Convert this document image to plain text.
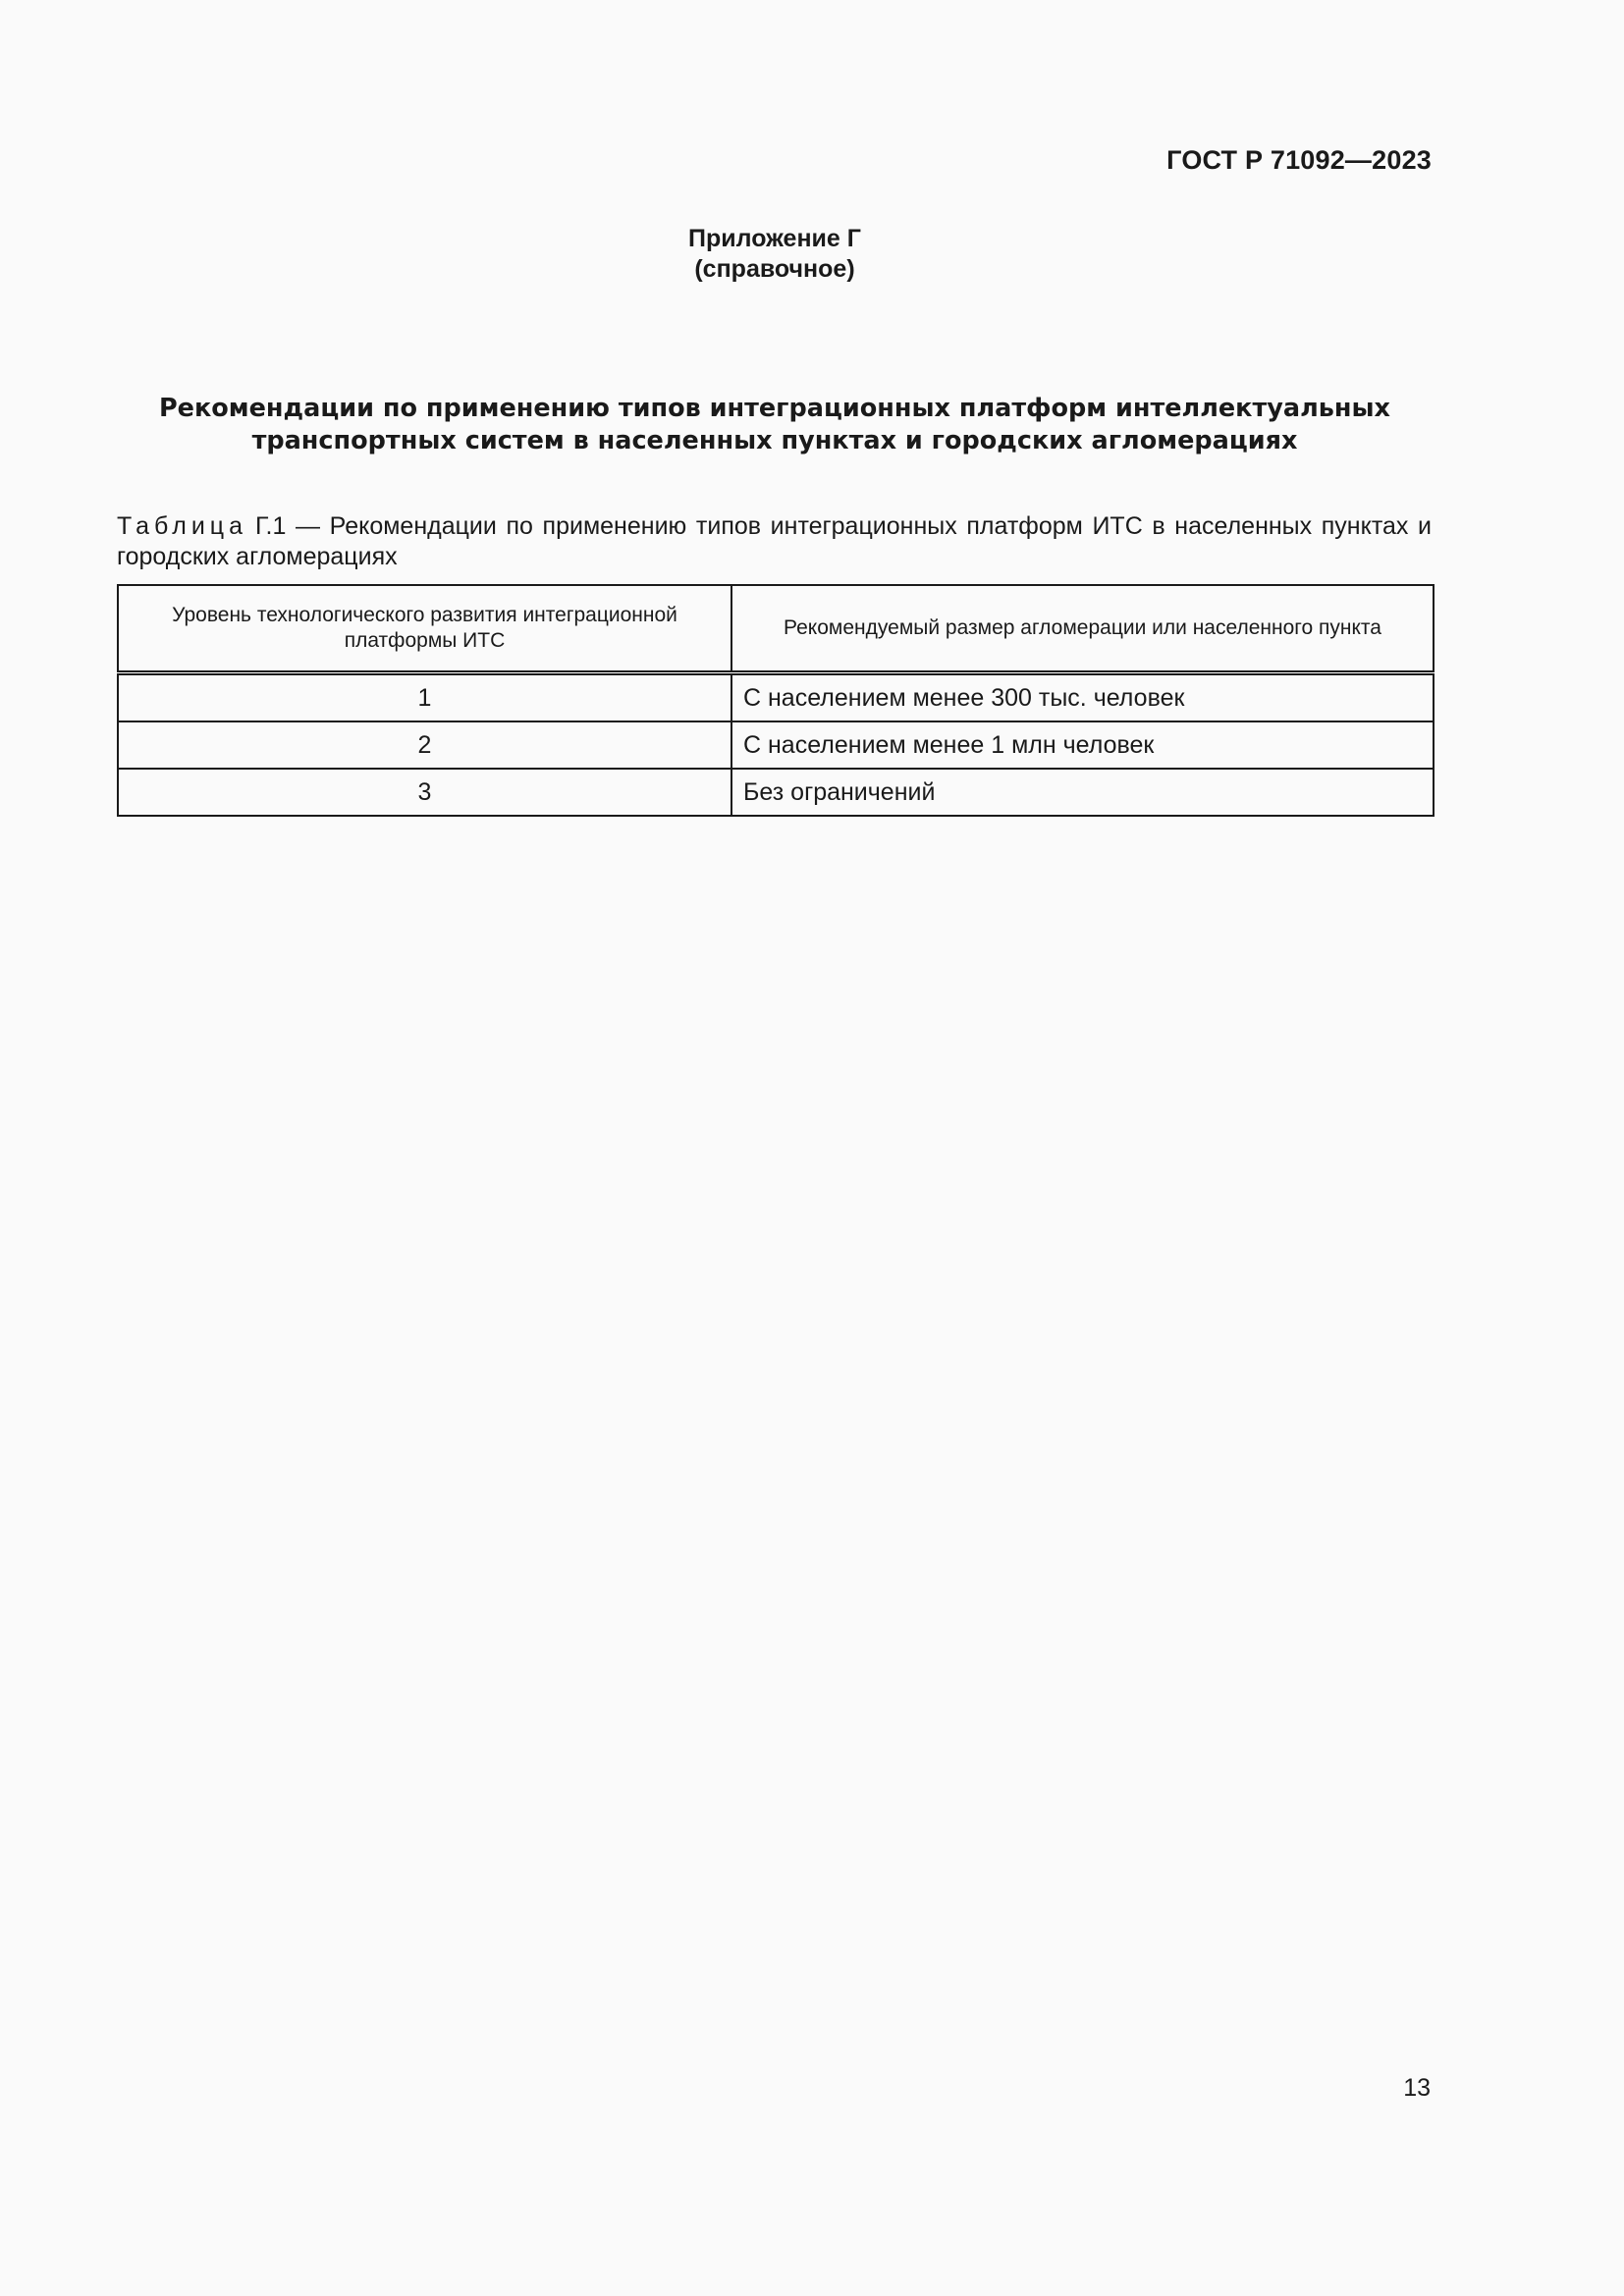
ГОСТ Р 71092—2023
Приложение Г
(справочное)
Рекомендации по применению типов интеграционных платформ интеллектуальных
транспортных систем в населенных пунктах и городских агломерациях
Таблица Г.1 — Рекомендации по применению типов интеграционных платформ ИТС в населенных пунктах и городских агломерациях
Уровень технологического развития интеграционной платформы ИТС	Рекомендуемый размер агломерации или населенного пункта
1	С населением менее 300 тыс. человек
2	С населением менее 1 млн человек
3	Без ограничений
13
